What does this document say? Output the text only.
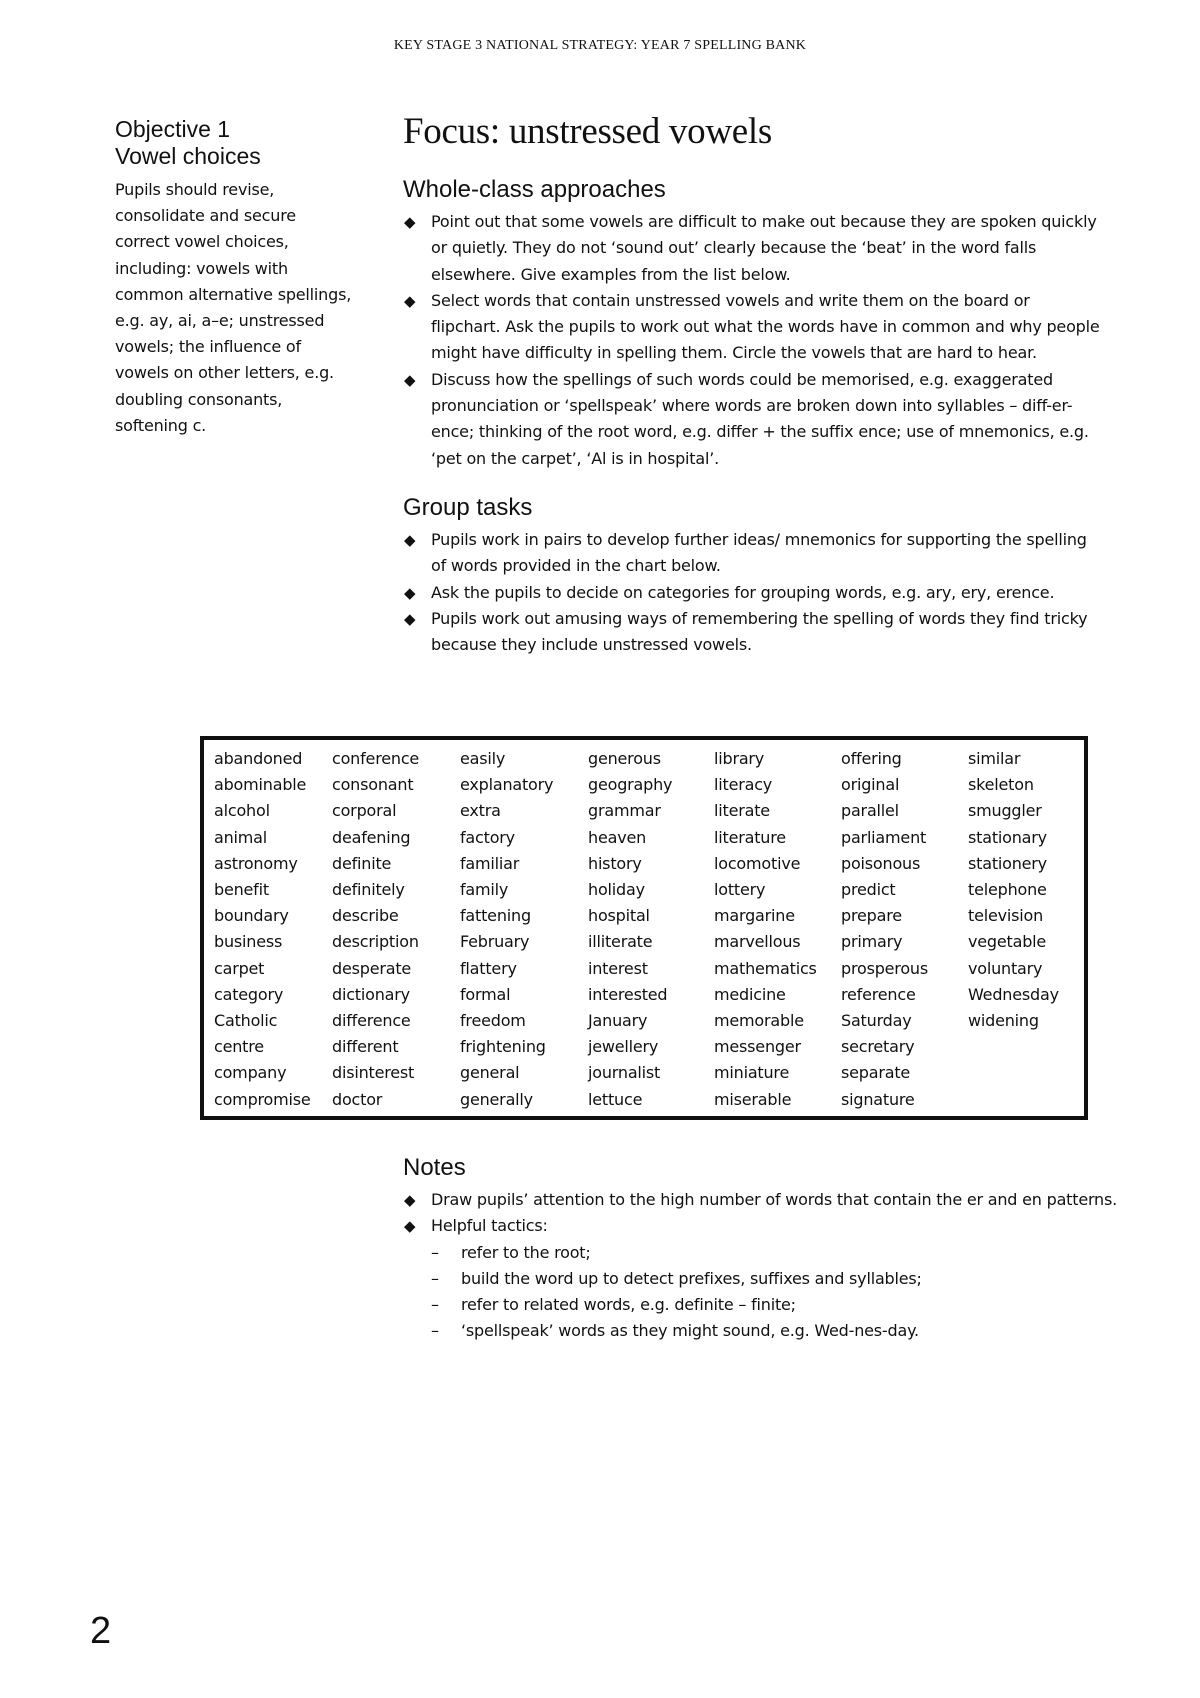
KEY STAGE 3 NATIONAL STRATEGY: YEAR 7 SPELLING BANK
Objective 1
Vowel choices

Pupils should revise, consolidate and secure correct vowel choices, including: vowels with common alternative spellings, e.g. ay, ai, a–e; unstressed vowels; the influence of vowels on other letters, e.g. doubling consonants, softening c.

Focus: unstressed vowels
Whole-class approaches
◆ Point out that some vowels are difficult to make out because they are spoken quickly or quietly. They do not ‘sound out’ clearly because the ‘beat’ in the word falls elsewhere. Give examples from the list below.
◆ Select words that contain unstressed vowels and write them on the board or flipchart. Ask the pupils to work out what the words have in common and why people might have difficulty in spelling them. Circle the vowels that are hard to hear.
◆ Discuss how the spellings of such words could be memorised, e.g. exaggerated pronunciation or ‘spellspeak’ where words are broken down into syllables – diff-er-ence; thinking of the root word, e.g. differ + the suffix ence; use of mnemonics, e.g. ‘pet on the carpet’, ‘Al is in hospital’.
Group tasks
◆ Pupils work in pairs to develop further ideas/ mnemonics for supporting the spelling of words provided in the chart below.
◆ Ask the pupils to decide on categories for grouping words, e.g. ary, ery, erence.
◆ Pupils work out amusing ways of remembering the spelling of words they find tricky because they include unstressed vowels.
abandoned
abominable
alcohol
animal
astronomy
benefit
boundary
business
carpet
category
Catholic
centre
company
compromise
conference
consonant
corporal
deafening
definite
definitely
describe
description
desperate
dictionary
difference
different
disinterest
doctor
easily
explanatory
extra
factory
familiar
family
fattening
February
flattery
formal
freedom
frightening
general
generally
generous
geography
grammar
heaven
history
holiday
hospital
illiterate
interest
interested
January
jewellery
journalist
lettuce
library
literacy
literate
literature
locomotive
lottery
margarine
marvellous
mathematics
medicine
memorable
messenger
miniature
miserable
offering
original
parallel
parliament
poisonous
predict
prepare
primary
prosperous
reference
Saturday
secretary
separate
signature
similar
skeleton
smuggler
stationary
stationery
telephone
television
vegetable
voluntary
Wednesday
widening
Notes
◆ Draw pupils’ attention to the high number of words that contain the er and en patterns.
◆ Helpful tactics:
– refer to the root;
– build the word up to detect prefixes, suffixes and syllables;
– refer to related words, e.g. definite – finite;
– ‘spellspeak’ words as they might sound, e.g. Wed-nes-day.
2
